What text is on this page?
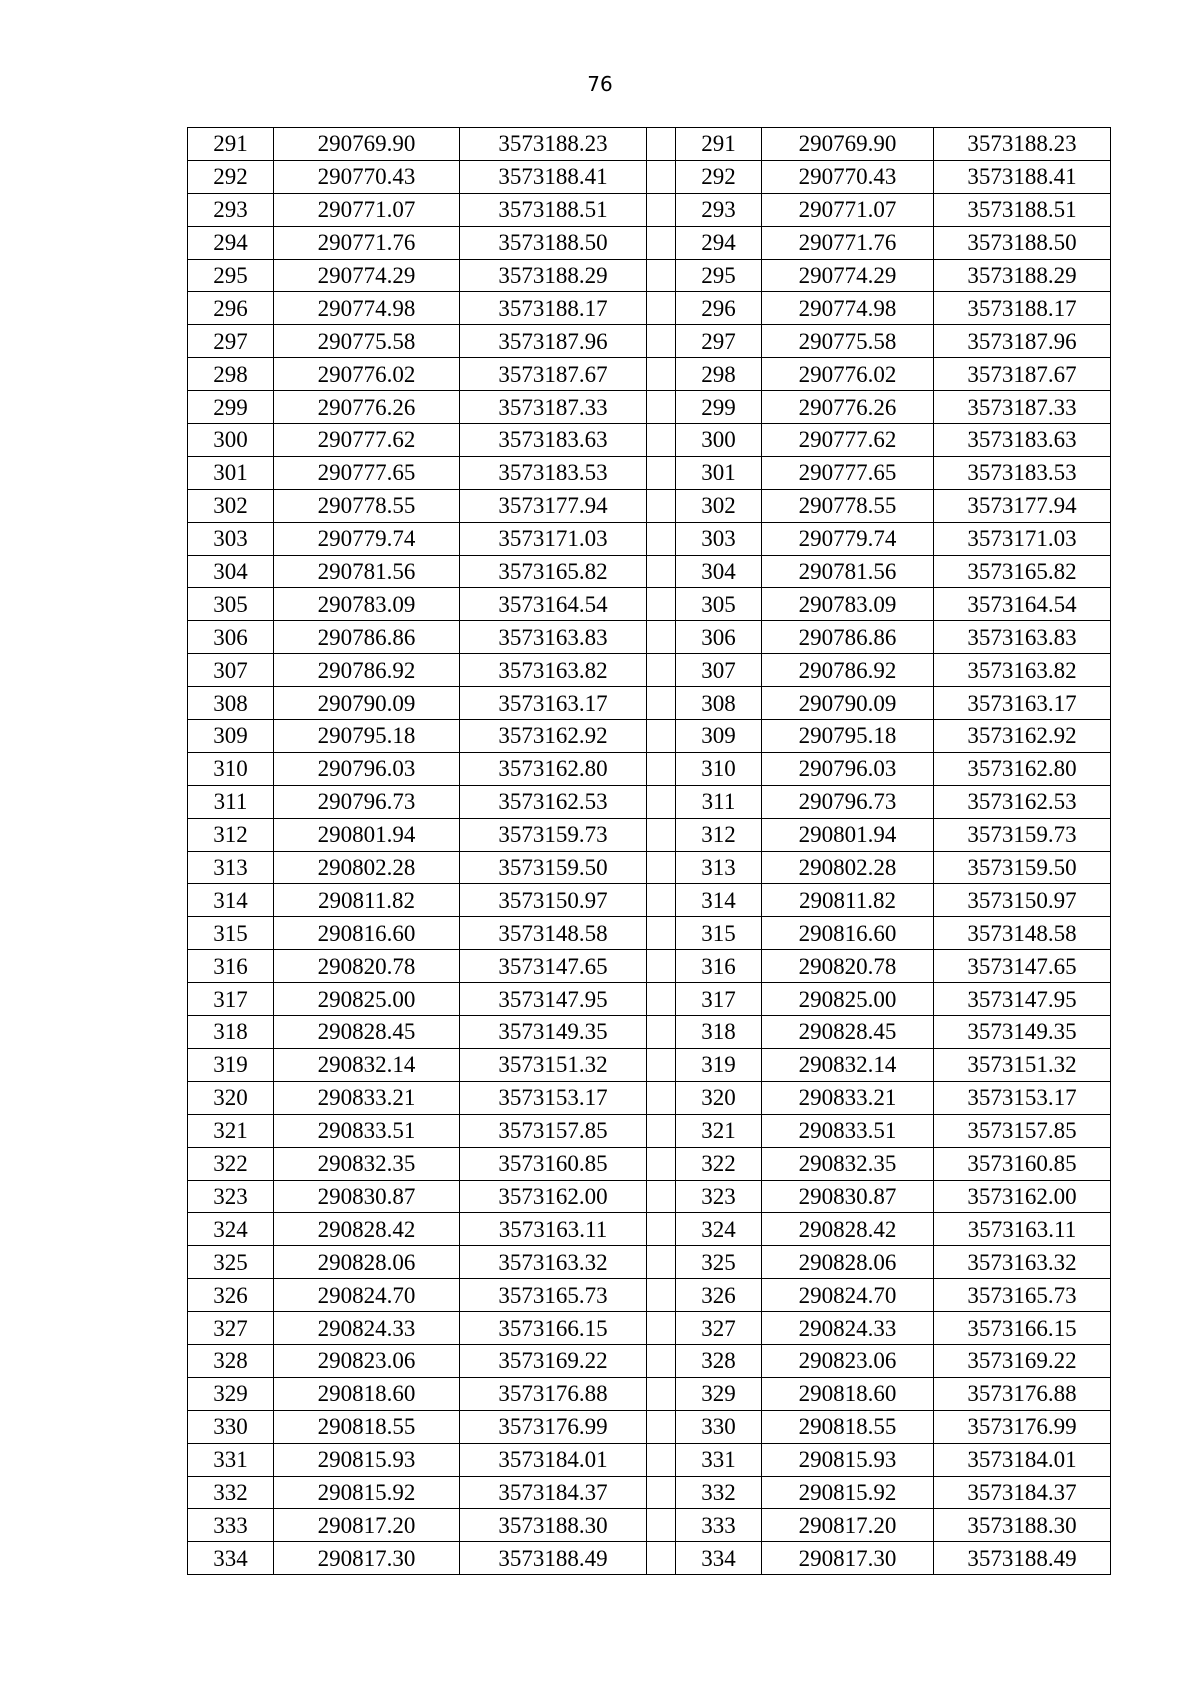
76
291	290769.90	3573188.23		291	290769.90	3573188.23
292	290770.43	3573188.41		292	290770.43	3573188.41
293	290771.07	3573188.51		293	290771.07	3573188.51
294	290771.76	3573188.50		294	290771.76	3573188.50
295	290774.29	3573188.29		295	290774.29	3573188.29
296	290774.98	3573188.17		296	290774.98	3573188.17
297	290775.58	3573187.96		297	290775.58	3573187.96
298	290776.02	3573187.67		298	290776.02	3573187.67
299	290776.26	3573187.33		299	290776.26	3573187.33
300	290777.62	3573183.63		300	290777.62	3573183.63
301	290777.65	3573183.53		301	290777.65	3573183.53
302	290778.55	3573177.94		302	290778.55	3573177.94
303	290779.74	3573171.03		303	290779.74	3573171.03
304	290781.56	3573165.82		304	290781.56	3573165.82
305	290783.09	3573164.54		305	290783.09	3573164.54
306	290786.86	3573163.83		306	290786.86	3573163.83
307	290786.92	3573163.82		307	290786.92	3573163.82
308	290790.09	3573163.17		308	290790.09	3573163.17
309	290795.18	3573162.92		309	290795.18	3573162.92
310	290796.03	3573162.80		310	290796.03	3573162.80
311	290796.73	3573162.53		311	290796.73	3573162.53
312	290801.94	3573159.73		312	290801.94	3573159.73
313	290802.28	3573159.50		313	290802.28	3573159.50
314	290811.82	3573150.97		314	290811.82	3573150.97
315	290816.60	3573148.58		315	290816.60	3573148.58
316	290820.78	3573147.65		316	290820.78	3573147.65
317	290825.00	3573147.95		317	290825.00	3573147.95
318	290828.45	3573149.35		318	290828.45	3573149.35
319	290832.14	3573151.32		319	290832.14	3573151.32
320	290833.21	3573153.17		320	290833.21	3573153.17
321	290833.51	3573157.85		321	290833.51	3573157.85
322	290832.35	3573160.85		322	290832.35	3573160.85
323	290830.87	3573162.00		323	290830.87	3573162.00
324	290828.42	3573163.11		324	290828.42	3573163.11
325	290828.06	3573163.32		325	290828.06	3573163.32
326	290824.70	3573165.73		326	290824.70	3573165.73
327	290824.33	3573166.15		327	290824.33	3573166.15
328	290823.06	3573169.22		328	290823.06	3573169.22
329	290818.60	3573176.88		329	290818.60	3573176.88
330	290818.55	3573176.99		330	290818.55	3573176.99
331	290815.93	3573184.01		331	290815.93	3573184.01
332	290815.92	3573184.37		332	290815.92	3573184.37
333	290817.20	3573188.30		333	290817.20	3573188.30
334	290817.30	3573188.49		334	290817.30	3573188.49
